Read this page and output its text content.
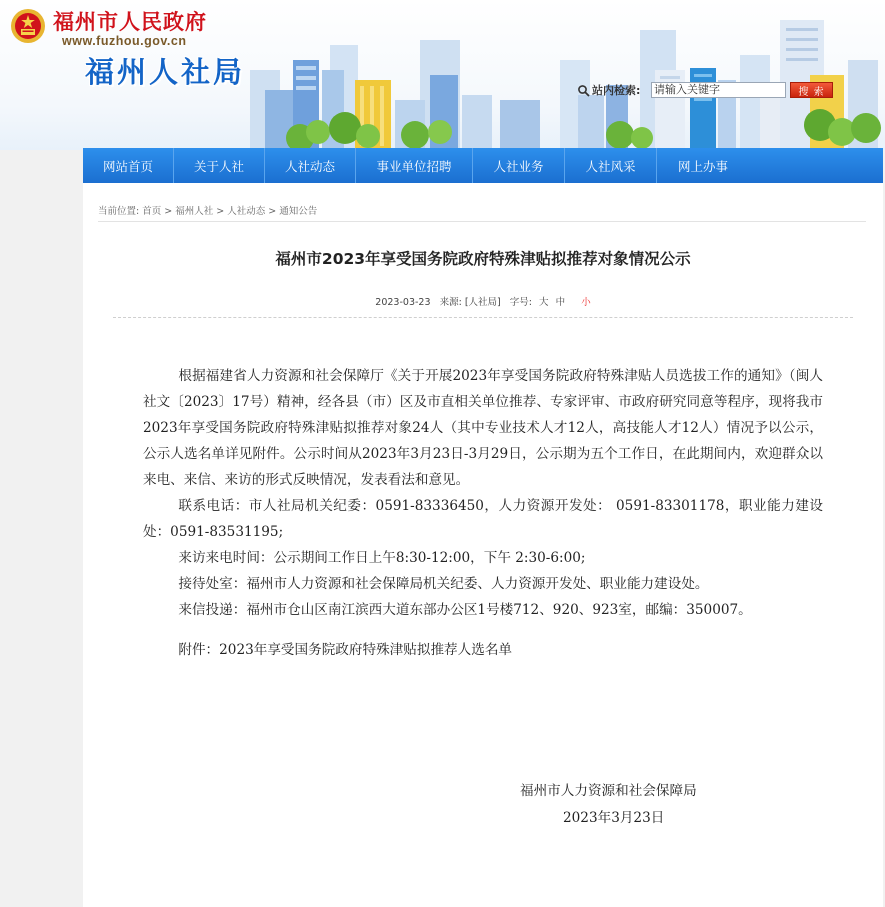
福州市人民政府
www.fuzhou.gov.cn
福州人社局
站内检索:
请输入关键字	搜 索
网站首页	关于人社	人社动态	事业单位招聘	人社业务	人社风采	网上办事
当前位置: 首页 > 福州人社 > 人社动态 > 通知公告
福州市2023年享受国务院政府特殊津贴拟推荐对象情况公示
2023-03-23 来源: [人社局] 字号: 大 中 小

根据福建省人力资源和社会保障厅《关于开展2023年享受国务院政府特殊津贴人员选拔工作的通知》（闽人社文〔2023〕17号）精神，经各县（市）区及市直相关单位推荐、专家评审、市政府研究同意等程序，现将我市2023年享受国务院政府特殊津贴拟推荐对象24人（其中专业技术人才12人，高技能人才12人）情况予以公示，公示人选名单详见附件。公示时间从2023年3月23日-3月29日，公示期为五个工作日，在此期间内，欢迎群众以来电、来信、来访的形式反映情况，发表看法和意见。

联系电话：市人社局机关纪委：0591-83336450，人力资源开发处： 0591-83301178，职业能力建设处：0591-83531195;

来访来电时间：公示期间工作日上午8:30-12:00，下午 2:30-6:00;

接待处室：福州市人力资源和社会保障局机关纪委、人力资源开发处、职业能力建设处。

来信投递：福州市仓山区南江滨西大道东部办公区1号楼712、920、923室，邮编：350007。

附件：2023年享受国务院政府特殊津贴拟推荐人选名单

福州市人力资源和社会保障局
2023年3月23日
